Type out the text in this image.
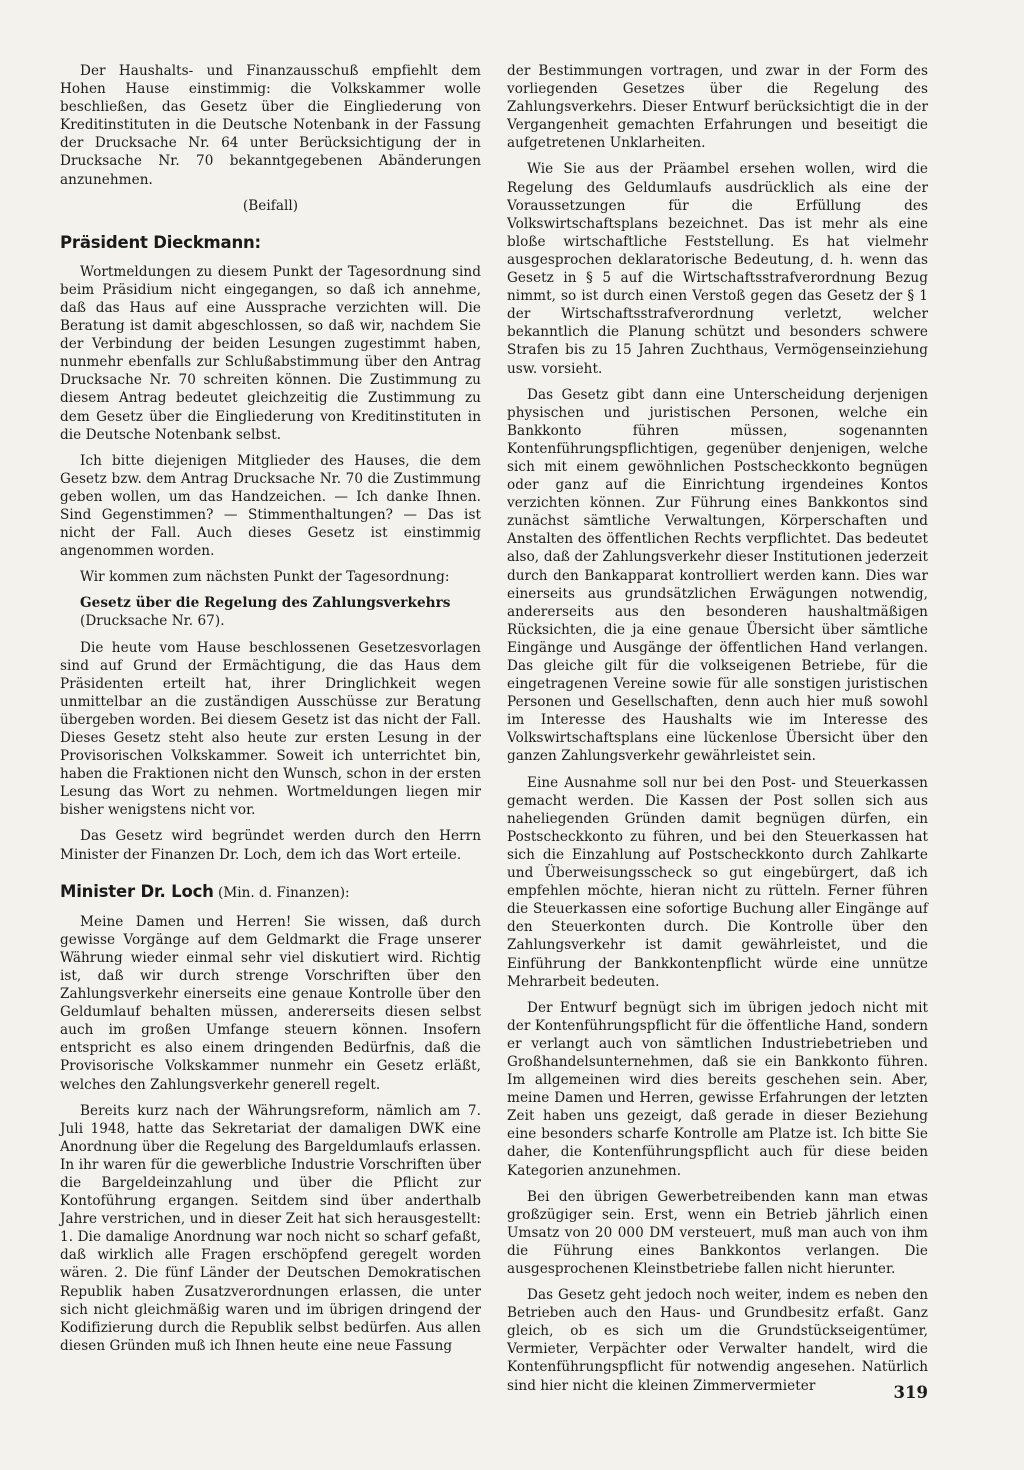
Der Haushalts- und Finanzausschuß empfiehlt dem Hohen Hause einstimmig: die Volkskammer wolle beschließen, das Gesetz über die Eingliederung von Kreditinstituten in die Deutsche Notenbank in der Fassung der Drucksache Nr. 64 unter Berücksichtigung der in Drucksache Nr. 70 bekanntgegebenen Abänderungen anzunehmen.

(Beifall)

Präsident Dieckmann:

Wortmeldungen zu diesem Punkt der Tagesordnung sind beim Präsidium nicht eingegangen, so daß ich annehme, daß das Haus auf eine Aussprache verzichten will. Die Beratung ist damit abgeschlossen, so daß wir, nachdem Sie der Verbindung der beiden Lesungen zugestimmt haben, nunmehr ebenfalls zur Schlußabstimmung über den Antrag Drucksache Nr. 70 schreiten können. Die Zustimmung zu diesem Antrag bedeutet gleichzeitig die Zustimmung zu dem Gesetz über die Eingliederung von Kreditinstituten in die Deutsche Notenbank selbst.

Ich bitte diejenigen Mitglieder des Hauses, die dem Gesetz bzw. dem Antrag Drucksache Nr. 70 die Zustimmung geben wollen, um das Handzeichen. — Ich danke Ihnen. Sind Gegenstimmen? — Stimmenthaltungen? — Das ist nicht der Fall. Auch dieses Gesetz ist einstimmig angenommen worden.

Wir kommen zum nächsten Punkt der Tagesordnung:

Gesetz über die Regelung des Zahlungsverkehrs
(Drucksache Nr. 67).

Die heute vom Hause beschlossenen Gesetzesvorlagen sind auf Grund der Ermächtigung, die das Haus dem Präsidenten erteilt hat, ihrer Dringlichkeit wegen unmittelbar an die zuständigen Ausschüsse zur Beratung übergeben worden. Bei diesem Gesetz ist das nicht der Fall. Dieses Gesetz steht also heute zur ersten Lesung in der Provisorischen Volkskammer. Soweit ich unterrichtet bin, haben die Fraktionen nicht den Wunsch, schon in der ersten Lesung das Wort zu nehmen. Wortmeldungen liegen mir bisher wenigstens nicht vor.

Das Gesetz wird begründet werden durch den Herrn Minister der Finanzen Dr. Loch, dem ich das Wort erteile.

Minister Dr. Loch (Min. d. Finanzen):

Meine Damen und Herren! Sie wissen, daß durch gewisse Vorgänge auf dem Geldmarkt die Frage unserer Währung wieder einmal sehr viel diskutiert wird. Richtig ist, daß wir durch strenge Vorschriften über den Zahlungsverkehr einerseits eine genaue Kontrolle über den Geldumlauf behalten müssen, andererseits diesen selbst auch im großen Umfange steuern können. Insofern entspricht es also einem dringenden Bedürfnis, daß die Provisorische Volkskammer nunmehr ein Gesetz erläßt, welches den Zahlungsverkehr generell regelt.

Bereits kurz nach der Währungsreform, nämlich am 7. Juli 1948, hatte das Sekretariat der damaligen DWK eine Anordnung über die Regelung des Bargeldumlaufs erlassen. In ihr waren für die gewerbliche Industrie Vorschriften über die Bargeldeinzahlung und über die Pflicht zur Kontoführung ergangen. Seitdem sind über anderthalb Jahre verstrichen, und in dieser Zeit hat sich herausgestellt: 1. Die damalige Anordnung war noch nicht so scharf gefaßt, daß wirklich alle Fragen erschöpfend geregelt worden wären. 2. Die fünf Länder der Deutschen Demokratischen Republik haben Zusatzverordnungen erlassen, die unter sich nicht gleichmäßig waren und im übrigen dringend der Kodifizierung durch die Republik selbst bedürfen. Aus allen diesen Gründen muß ich Ihnen heute eine neue Fassung

der Bestimmungen vortragen, und zwar in der Form des vorliegenden Gesetzes über die Regelung des Zahlungsverkehrs. Dieser Entwurf berücksichtigt die in der Vergangenheit gemachten Erfahrungen und beseitigt die aufgetretenen Unklarheiten.

Wie Sie aus der Präambel ersehen wollen, wird die Regelung des Geldumlaufs ausdrücklich als eine der Voraussetzungen für die Erfüllung des Volkswirtschaftsplans bezeichnet. Das ist mehr als eine bloße wirtschaftliche Feststellung. Es hat vielmehr ausgesprochen deklaratorische Bedeutung, d. h. wenn das Gesetz in § 5 auf die Wirtschaftsstrafverordnung Bezug nimmt, so ist durch einen Verstoß gegen das Gesetz der § 1 der Wirtschaftsstrafverordnung verletzt, welcher bekanntlich die Planung schützt und besonders schwere Strafen bis zu 15 Jahren Zuchthaus, Vermögenseinziehung usw. vorsieht.

Das Gesetz gibt dann eine Unterscheidung derjenigen physischen und juristischen Personen, welche ein Bankkonto führen müssen, sogenannten Kontenführungspflichtigen, gegenüber denjenigen, welche sich mit einem gewöhnlichen Postscheckkonto begnügen oder ganz auf die Einrichtung irgendeines Kontos verzichten können. Zur Führung eines Bankkontos sind zunächst sämtliche Verwaltungen, Körperschaften und Anstalten des öffentlichen Rechts verpflichtet. Das bedeutet also, daß der Zahlungsverkehr dieser Institutionen jederzeit durch den Bankapparat kontrolliert werden kann. Dies war einerseits aus grundsätzlichen Erwägungen notwendig, andererseits aus den besonderen haushaltmäßigen Rücksichten, die ja eine genaue Übersicht über sämtliche Eingänge und Ausgänge der öffentlichen Hand verlangen. Das gleiche gilt für die volkseigenen Betriebe, für die eingetragenen Vereine sowie für alle sonstigen juristischen Personen und Gesellschaften, denn auch hier muß sowohl im Interesse des Haushalts wie im Interesse des Volkswirtschaftsplans eine lückenlose Übersicht über den ganzen Zahlungsverkehr gewährleistet sein.

Eine Ausnahme soll nur bei den Post- und Steuerkassen gemacht werden. Die Kassen der Post sollen sich aus naheliegenden Gründen damit begnügen dürfen, ein Postscheckkonto zu führen, und bei den Steuerkassen hat sich die Einzahlung auf Postscheckkonto durch Zahlkarte und Überweisungsscheck so gut eingebürgert, daß ich empfehlen möchte, hieran nicht zu rütteln. Ferner führen die Steuerkassen eine sofortige Buchung aller Eingänge auf den Steuerkonten durch. Die Kontrolle über den Zahlungsverkehr ist damit gewährleistet, und die Einführung der Bankkontenpflicht würde eine unnütze Mehrarbeit bedeuten.

Der Entwurf begnügt sich im übrigen jedoch nicht mit der Kontenführungspflicht für die öffentliche Hand, sondern er verlangt auch von sämtlichen Industriebetrieben und Großhandelsunternehmen, daß sie ein Bankkonto führen. Im allgemeinen wird dies bereits geschehen sein. Aber, meine Damen und Herren, gewisse Erfahrungen der letzten Zeit haben uns gezeigt, daß gerade in dieser Beziehung eine besonders scharfe Kontrolle am Platze ist. Ich bitte Sie daher, die Kontenführungspflicht auch für diese beiden Kategorien anzunehmen.

Bei den übrigen Gewerbetreibenden kann man etwas großzügiger sein. Erst, wenn ein Betrieb jährlich einen Umsatz von 20 000 DM versteuert, muß man auch von ihm die Führung eines Bankkontos verlangen. Die ausgesprochenen Kleinstbetriebe fallen nicht hierunter.

Das Gesetz geht jedoch noch weiter, indem es neben den Betrieben auch den Haus- und Grundbesitz erfaßt. Ganz gleich, ob es sich um die Grundstückseigentümer, Vermieter, Verpächter oder Verwalter handelt, wird die Kontenführungspflicht für notwendig angesehen. Natürlich sind hier nicht die kleinen Zimmervermieter	319
